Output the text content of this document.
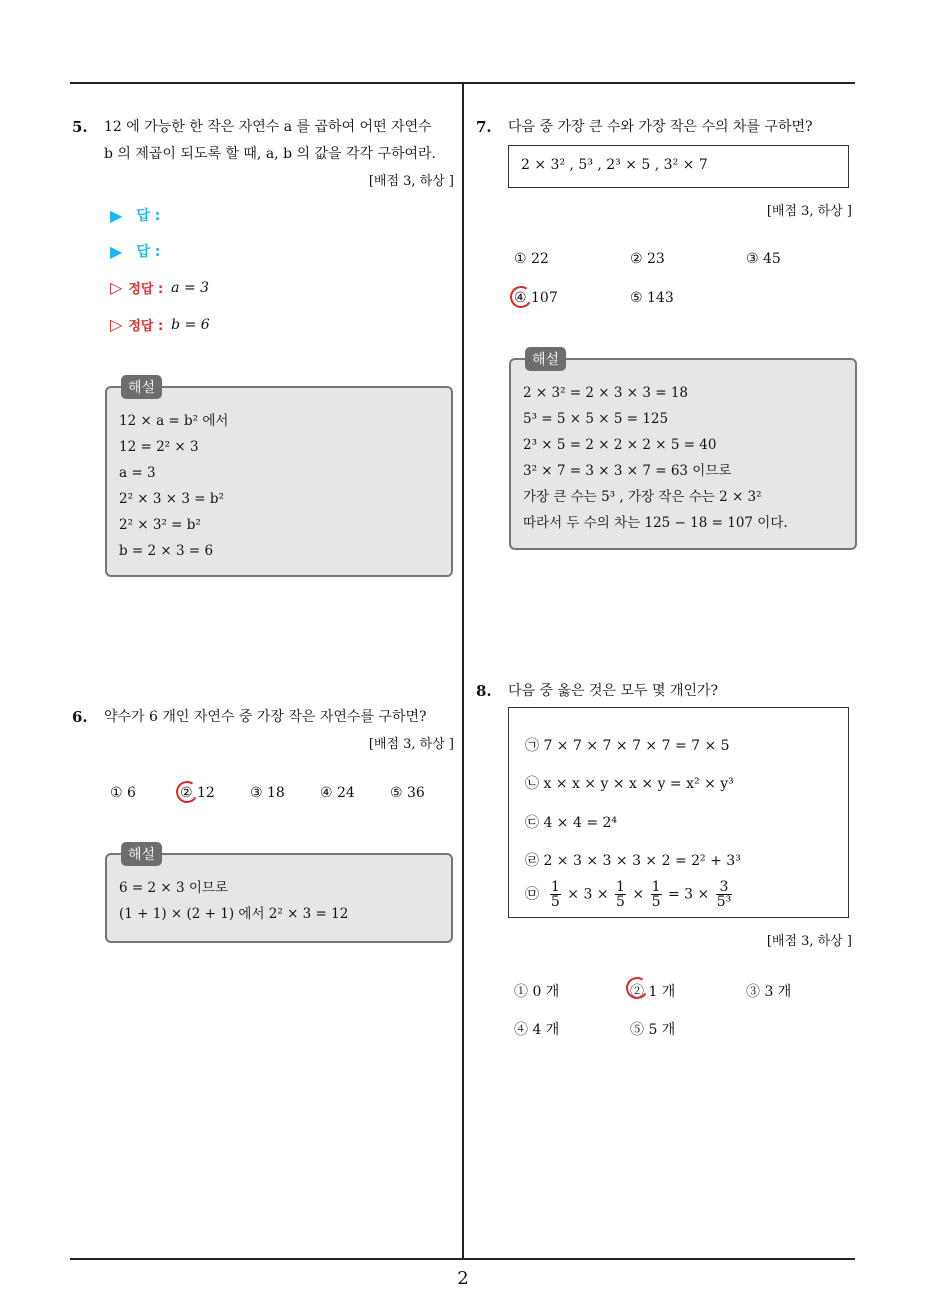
2
5. 12 에 가능한 한 작은 자연수 a 를 곱하여 어떤 자연수
b 의 제곱이 되도록 할 때, a, b 의 값을 각각 구하여라.
[배점 3, 하상 ]
▶ 답 :
▶ 답 :
▷ 정답 : a = 3
▷ 정답 : b = 6
해설
12 × a = b² 에서
12 = 2² × 3
a = 3
2² × 3 × 3 = b²
2² × 3² = b²
b = 2 × 3 = 6
6. 약수가 6 개인 자연수 중 가장 작은 자연수를 구하면?
[배점 3, 하상 ]
① 6	② 12	③ 18	④ 24	⑤ 36
해설
6 = 2 × 3 이므로
(1 + 1) × (2 + 1) 에서 2² × 3 = 12
7. 다음 중 가장 큰 수와 가장 작은 수의 차를 구하면?
2 × 3² , 5³ , 2³ × 5 , 3² × 7
[배점 3, 하상 ]
① 22	② 23	③ 45
④ 107	⑤ 143
해설
2 × 3² = 2 × 3 × 3 = 18
5³ = 5 × 5 × 5 = 125
2³ × 5 = 2 × 2 × 2 × 5 = 40
3² × 7 = 3 × 3 × 7 = 63 이므로
가장 큰 수는 5³ , 가장 작은 수는 2 × 3²
따라서 두 수의 차는 125 − 18 = 107 이다.
8. 다음 중 옳은 것은 모두 몇 개인가?
㉠ 7 × 7 × 7 × 7 × 7 = 7 × 5
㉡ x × x × y × x × y = x² × y³
㉢ 4 × 4 = 2⁴
㉣ 2 × 3 × 3 × 3 × 2 = 2² + 3³
㉤ $\frac{1}{5} \times 3 \times \frac{1}{5} \times \frac{1}{5} = 3 \times \frac{3}{\text{5³}}$
[배점 3, 하상 ]
① 0 개	② 1 개	③ 3 개
④ 4 개	⑤ 5 개
